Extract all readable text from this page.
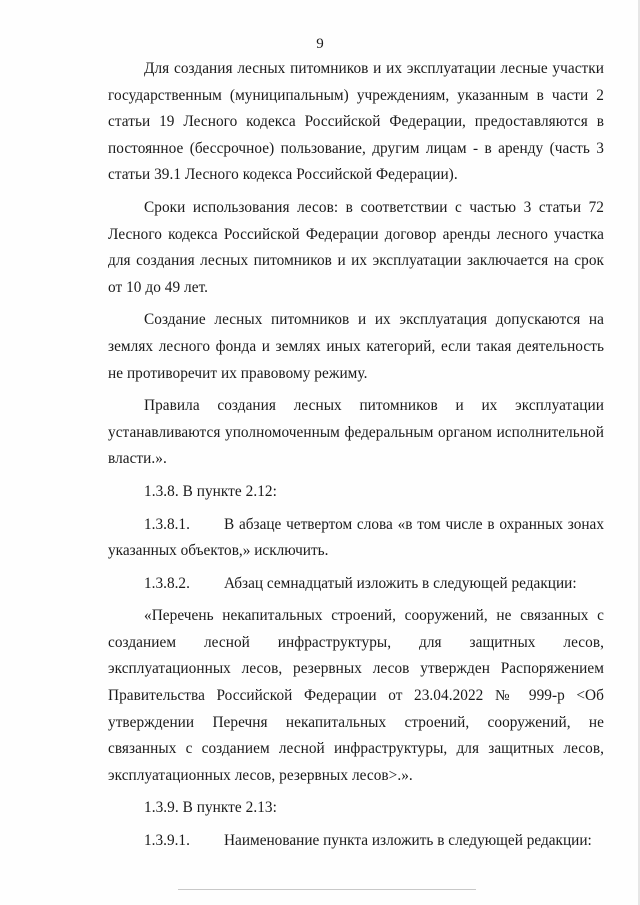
9

Для создания лесных питомников и их эксплуатации лесные участки государственным (муниципальным) учреждениям, указанным в части 2 статьи 19 Лесного кодекса Российской Федерации, предоставляются в постоянное (бессрочное) пользование, другим лицам - в аренду (часть 3 статьи 39.1 Лесного кодекса Российской Федерации).

Сроки использования лесов: в соответствии с частью 3 статьи 72 Лесного кодекса Российской Федерации договор аренды лесного участка для создания лесных питомников и их эксплуатации заключается на срок от 10 до 49 лет.

Создание лесных питомников и их эксплуатация допускаются на землях лесного фонда и землях иных категорий, если такая деятельность не противоречит их правовому режиму.

Правила создания лесных питомников и их эксплуатации устанавливаются уполномоченным федеральным органом исполнительной власти.».

1.3.8. В пункте 2.12:

1.3.8.1. В абзаце четвертом слова «в том числе в охранных зонах указанных объектов,» исключить.

1.3.8.2. Абзац семнадцатый изложить в следующей редакции:

«Перечень некапитальных строений, сооружений, не связанных с созданием лесной инфраструктуры, для защитных лесов, эксплуатационных лесов, резервных лесов утвержден Распоряжением Правительства Российской Федерации от 23.04.2022 № 999-р <Об утверждении Перечня некапитальных строений, сооружений, не связанных с созданием лесной инфраструктуры, для защитных лесов, эксплуатационных лесов, резервных лесов>.».

1.3.9. В пункте 2.13:

1.3.9.1. Наименование пункта изложить в следующей редакции:
